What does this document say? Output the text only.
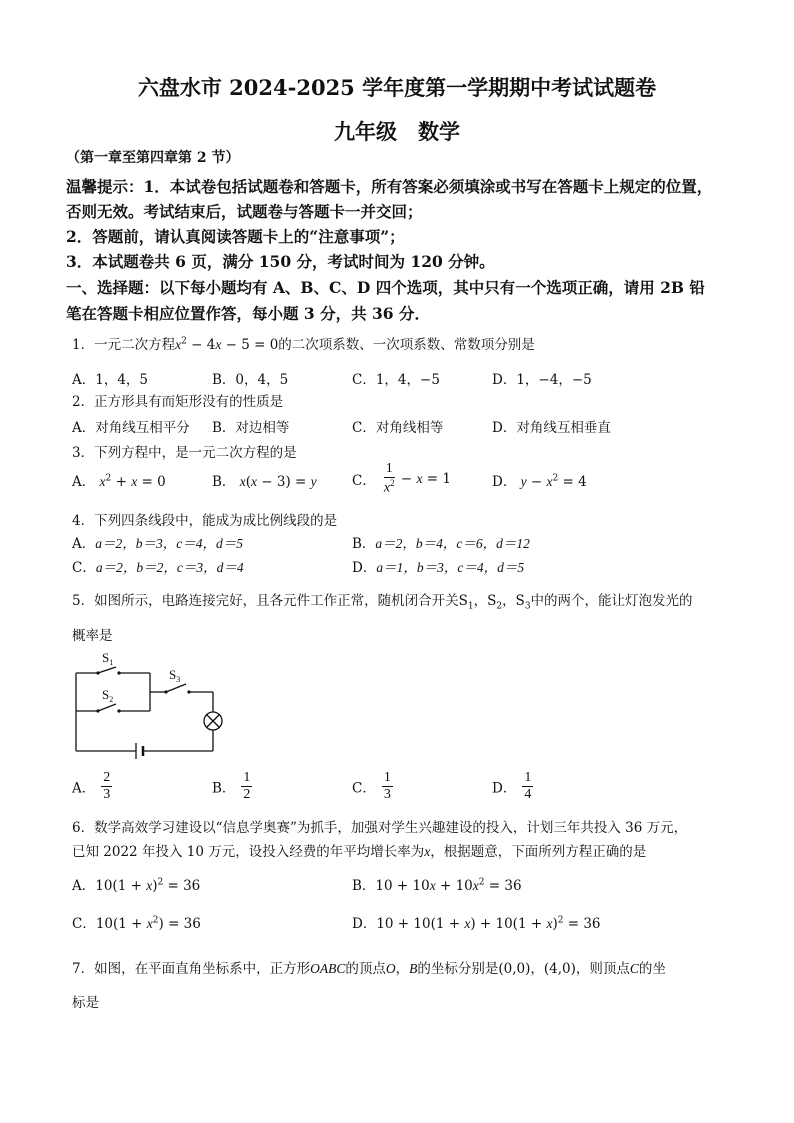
六盘水市 2024-2025 学年度第一学期期中考试试题卷
九年级　数学
（第一章至第四章第 2 节）
温馨提示：1．本试卷包括试题卷和答题卡，所有答案必须填涂或书写在答题卡上规定的位置，
否则无效。考试结束后，试题卷与答题卡一并交回；
2．答题前，请认真阅读答题卡上的“注意事项”；
3．本试题卷共 6 页，满分 150 分，考试时间为 120 分钟。
一、选择题：以下每小题均有 A、B、C、D 四个选项，其中只有一个选项正确，请用 2B 铅
笔在答题卡相应位置作答，每小题 3 分，共 36 分．
1．一元二次方程$x^2 - 4x - 5 = 0$的二次项系数、一次项系数、常数项分别是
A．1，4，5	B．0，4，5	C．1，4，−5	D．1，−4，−5
2．正方形具有而矩形没有的性质是
A．对角线互相平分 B．对边相等	C．对角线相等	D．对角线互相垂直
3．下列方程中，是一元二次方程的是
A． $x^2 + x = 0$	B． x(x − 3) = y	C． $\frac{1}{x^2} - x = 1$	D． $y - x^2 = 4$
4．下列四条线段中，能成为成比例线段的是
A．a＝2，b＝3，c＝4，d＝5	B．a＝2，b＝4，c＝6，d＝12
C．a＝2，b＝2，c＝3，d＝4	D．a＝1，b＝3，c＝4，d＝5
5．如图所示，电路连接完好，且各元件工作正常，随机闭合开关$S_1$，$S_2$，$S_3$中的两个，能让灯泡发光的
概率是
$S_1$
$S_2$
$S_3$
A． $\frac{2}{3}$	B． $\frac{1}{2}$	C． $\frac{1}{3}$	D． $\frac{1}{4}$
6．数学高效学习建设以“信息学奥赛”为抓手，加强对学生兴趣建设的投入，计划三年共投入 36 万元，
已知 2022 年投入 10 万元，设投入经费的年平均增长率为x，根据题意，下面所列方程正确的是
A．$10(1 + x)^2 = 36$	B．$10 + 10x + 10x^2 = 36$
C．$10(1 + x^2) = 36$	D．$10 + 10(1 + x) + 10(1 + x)^2 = 36$
7．如图，在平面直角坐标系中，正方形OABC的顶点O，B的坐标分别是(0,0)，(4,0)，则顶点C的坐
标是
